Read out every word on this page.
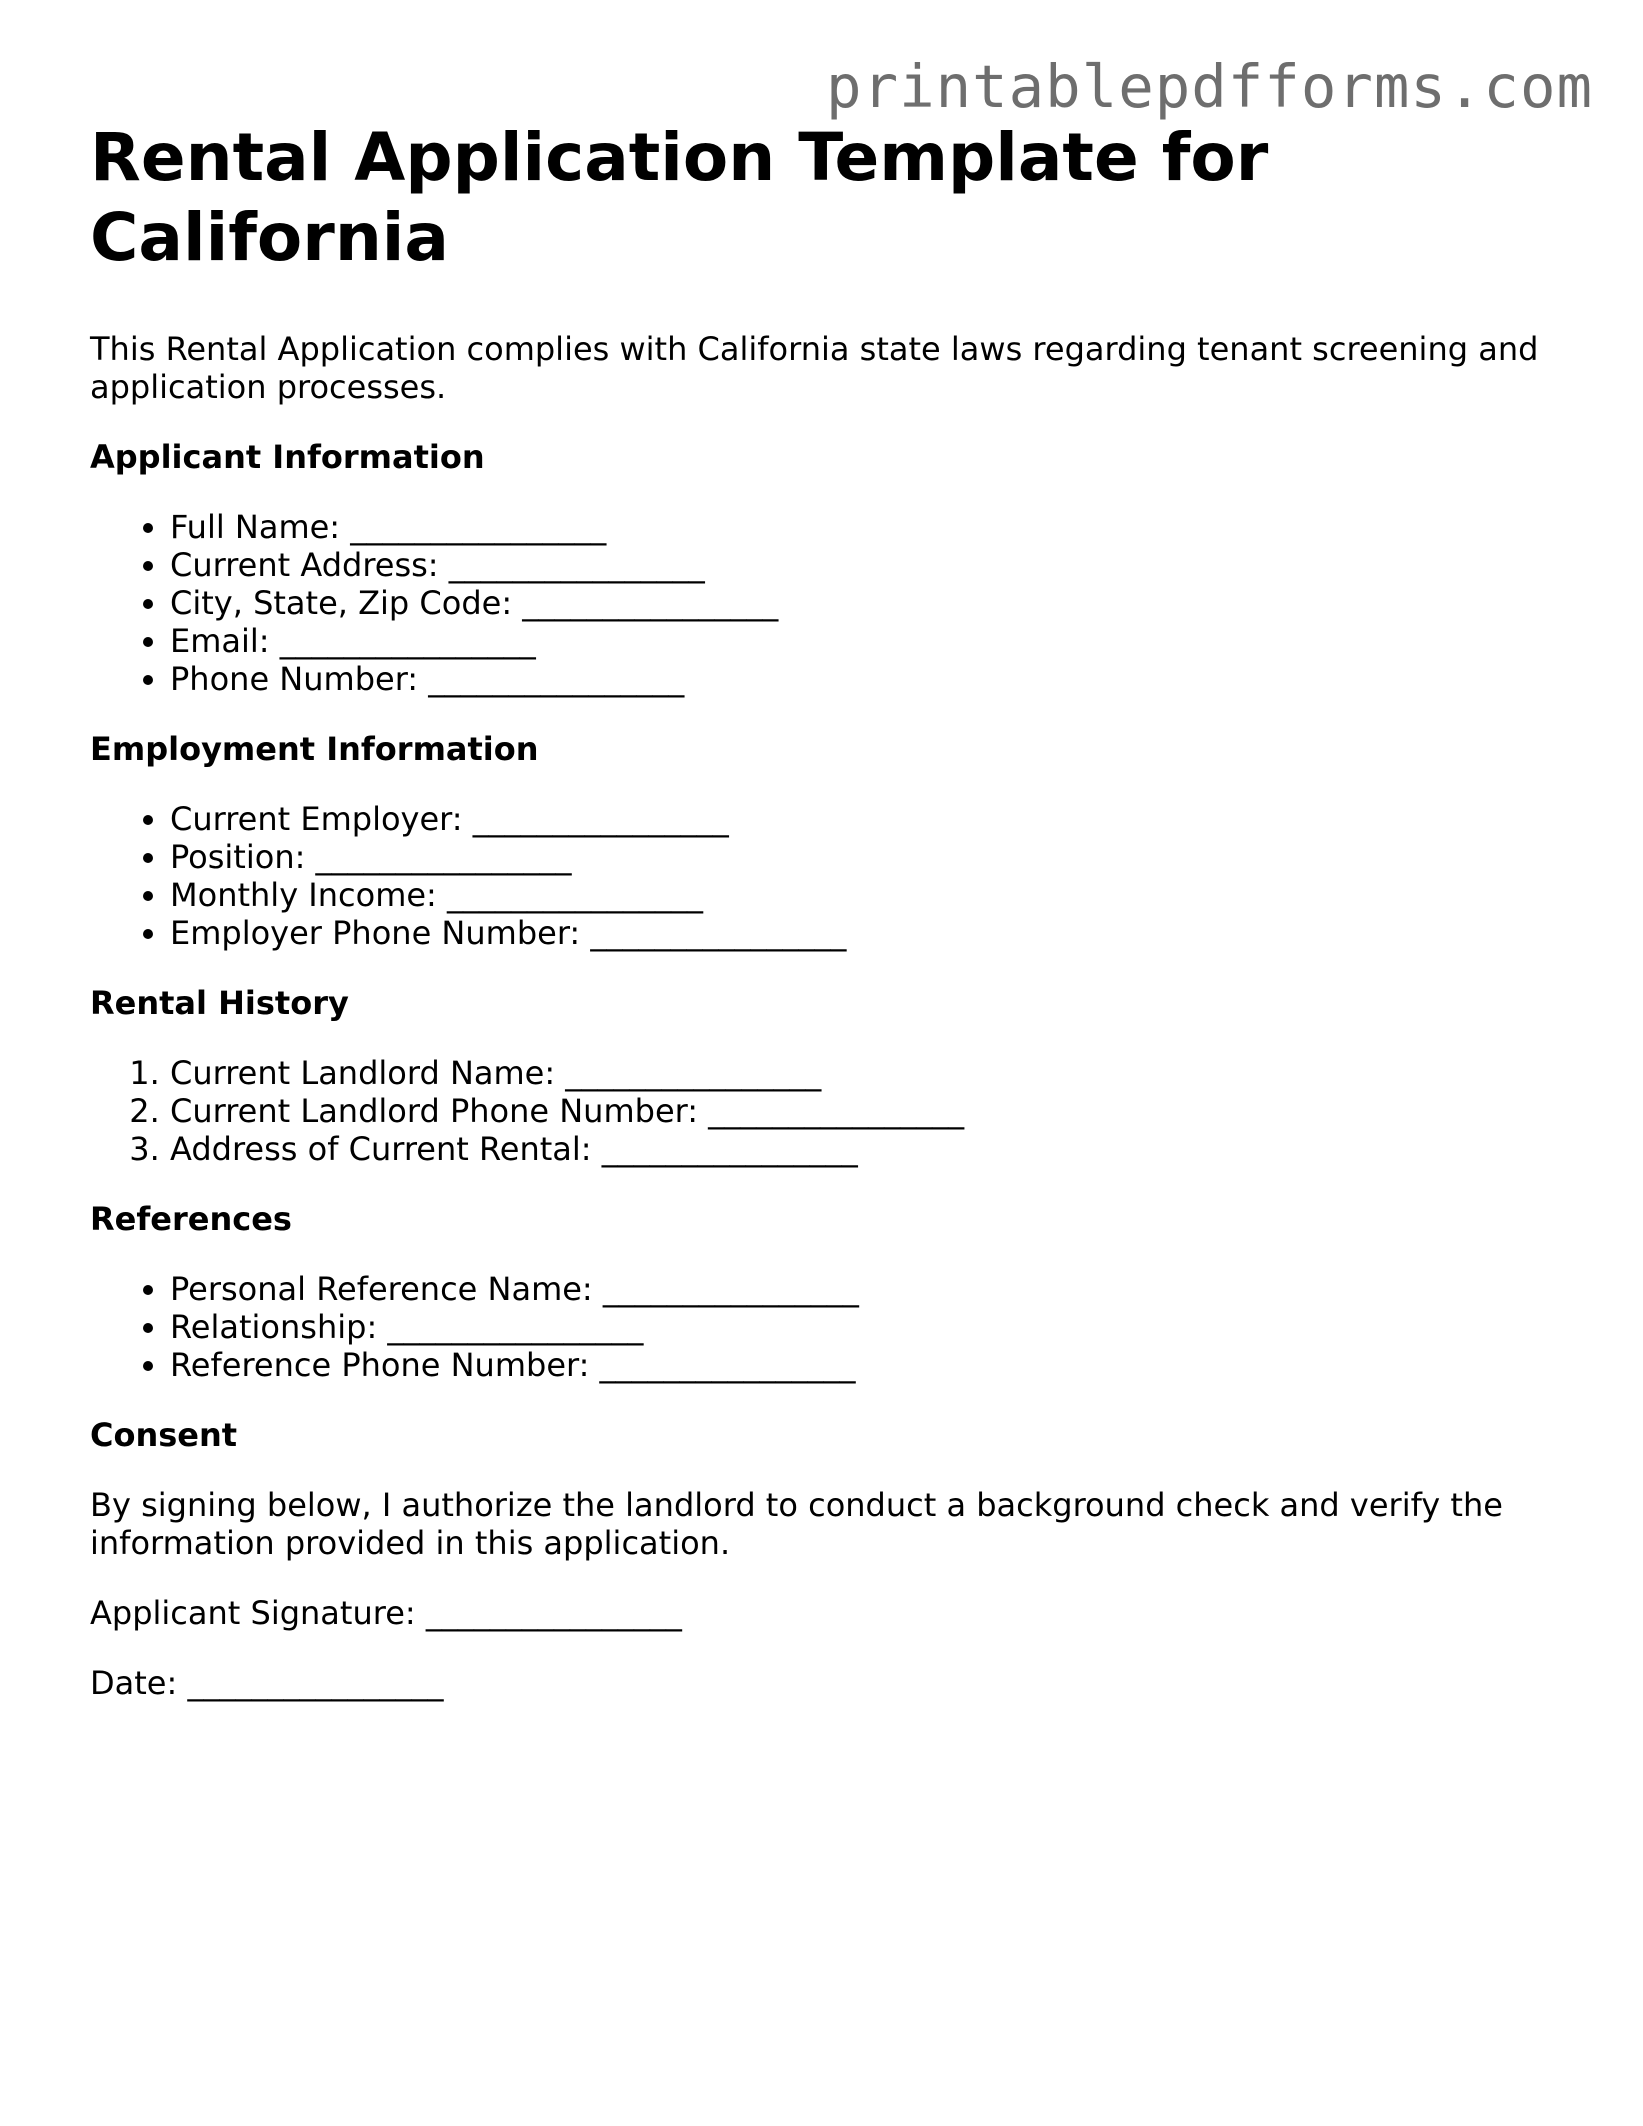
printablepdfforms.com
Rental Application Template for California

This Rental Application complies with California state laws regarding tenant screening and application processes.

Applicant Information
• Full Name: ________________
• Current Address: ________________
• City, State, Zip Code: ________________
• Email: ________________
• Phone Number: ________________
Employment Information
• Current Employer: ________________
• Position: ________________
• Monthly Income: ________________
• Employer Phone Number: ________________
Rental History
1. Current Landlord Name: ________________
2. Current Landlord Phone Number: ________________
3. Address of Current Rental: ________________
References
• Personal Reference Name: ________________
• Relationship: ________________
• Reference Phone Number: ________________
Consent

By signing below, I authorize the landlord to conduct a background check and verify the information provided in this application.

Applicant Signature: ________________

Date: ________________
